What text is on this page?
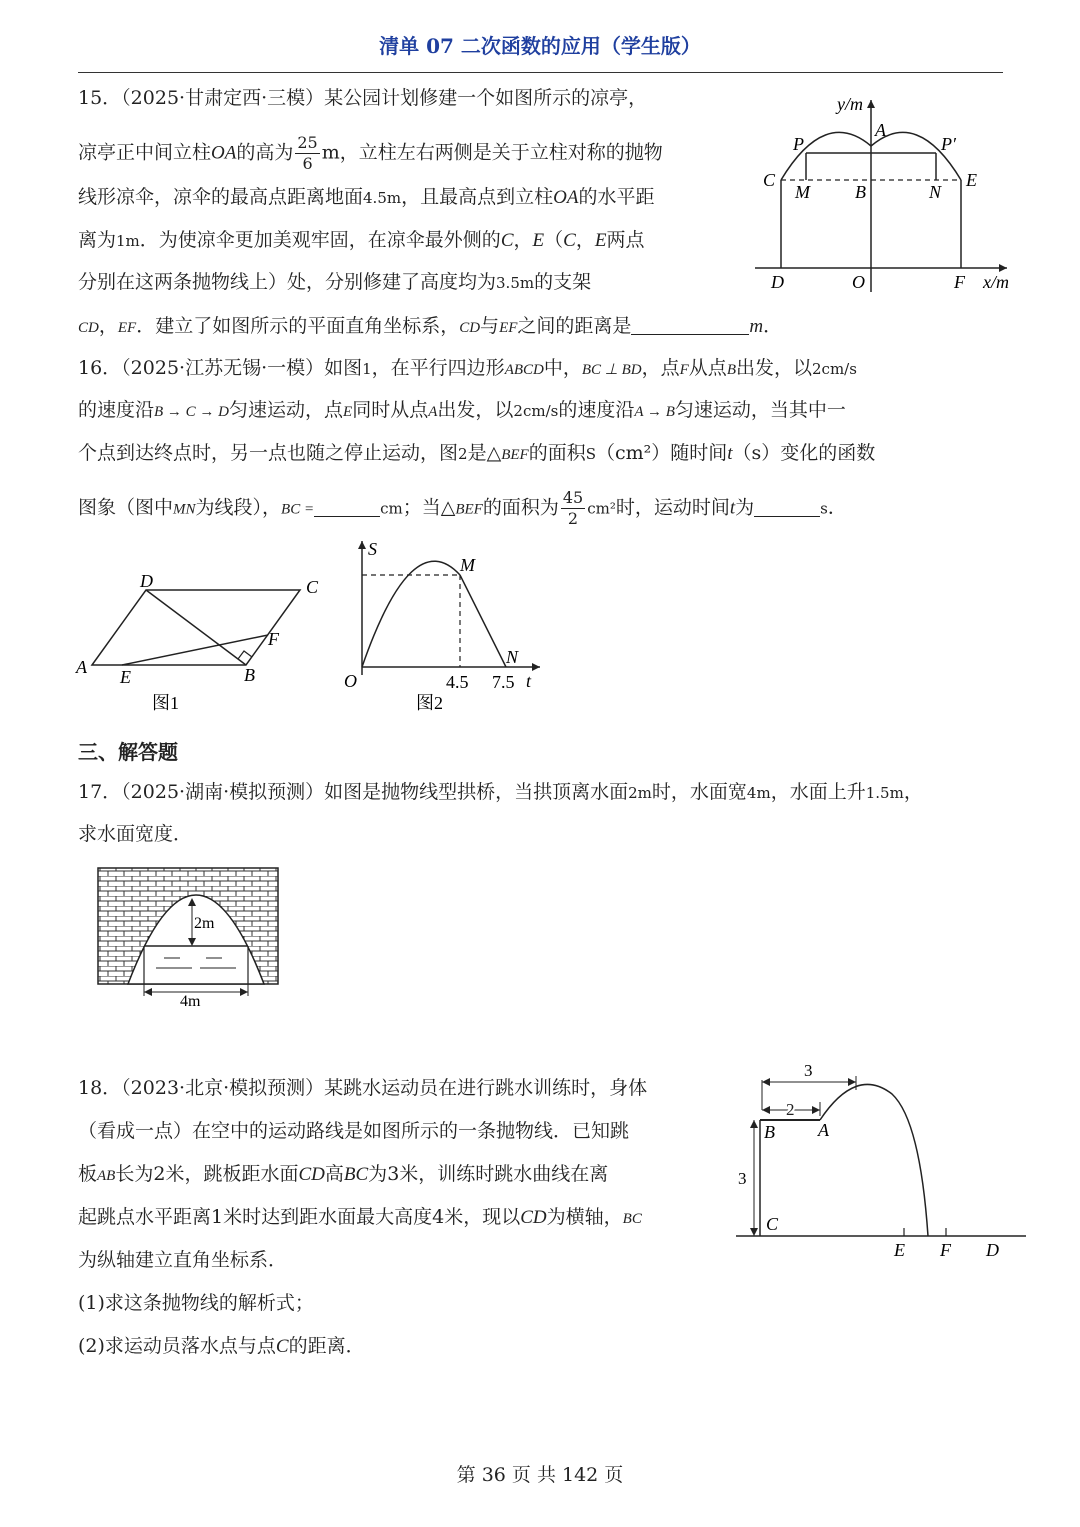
清单 07 二次函数的应用（学生版）
15．（2025·甘肃定西·三模）某公园计划修建一个如图所示的凉亭，
凉亭正中间立柱OA的高为 $\frac{25}{6}$ m，立柱左右两侧是关于立柱对称的抛物
线形凉伞，凉伞的最高点距离地面4.5m，且最高点到立柱OA的水平距
离为1m．为使凉伞更加美观牢固，在凉伞最外侧的C，E（C，E两点
分别在这两条抛物线上）处，分别修建了高度均为3.5m的支架
CD，EF．建立了如图所示的平面直角坐标系，CD与EF之间的距离是	m．
y/m
x/m
A
P	P′
C
M	B	N
E
D	O	F
16．（2025·江苏无锡·一模）如图1，在平行四边形ABCD中，BC ⊥ BD，点F从点B出发，以2cm/s
的速度沿B → C → D匀速运动，点E同时从点A出发，以2cm/s的速度沿A → B匀速运动，当其中一
个点到达终点时，另一点也随之停止运动，图2是△BEF的面积S（cm²）随时间t（s）变化的函数
图象（图中MN为线段），BC =	cm；当△BEF的面积为 $\frac{45}{2} cm^2$时，运动时间t为	s．
A
D	C
F
E	B
图1
S
M
N
O	4.5 7.5 t
图2
三、解答题
17．（2025·湖南·模拟预测）如图是抛物线型拱桥，当拱顶离水面2m时，水面宽4m，水面上升1.5m，
求水面宽度．
2m
4m
18．（2023·北京·模拟预测）某跳水运动员在进行跳水训练时，身体
（看成一点）在空中的运动路线是如图所示的一条抛物线．已知跳
板AB长为2米，跳板距水面CD高BC为3米，训练时跳水曲线在离
起跳点水平距离1米时达到距水面最大高度4米，现以CD为横轴，BC
为纵轴建立直角坐标系．
(1)求这条抛物线的解析式；
(2)求运动员落水点与点C的距离．
3
2
3
A
B
C
E F D
第 36 页 共 142 页
